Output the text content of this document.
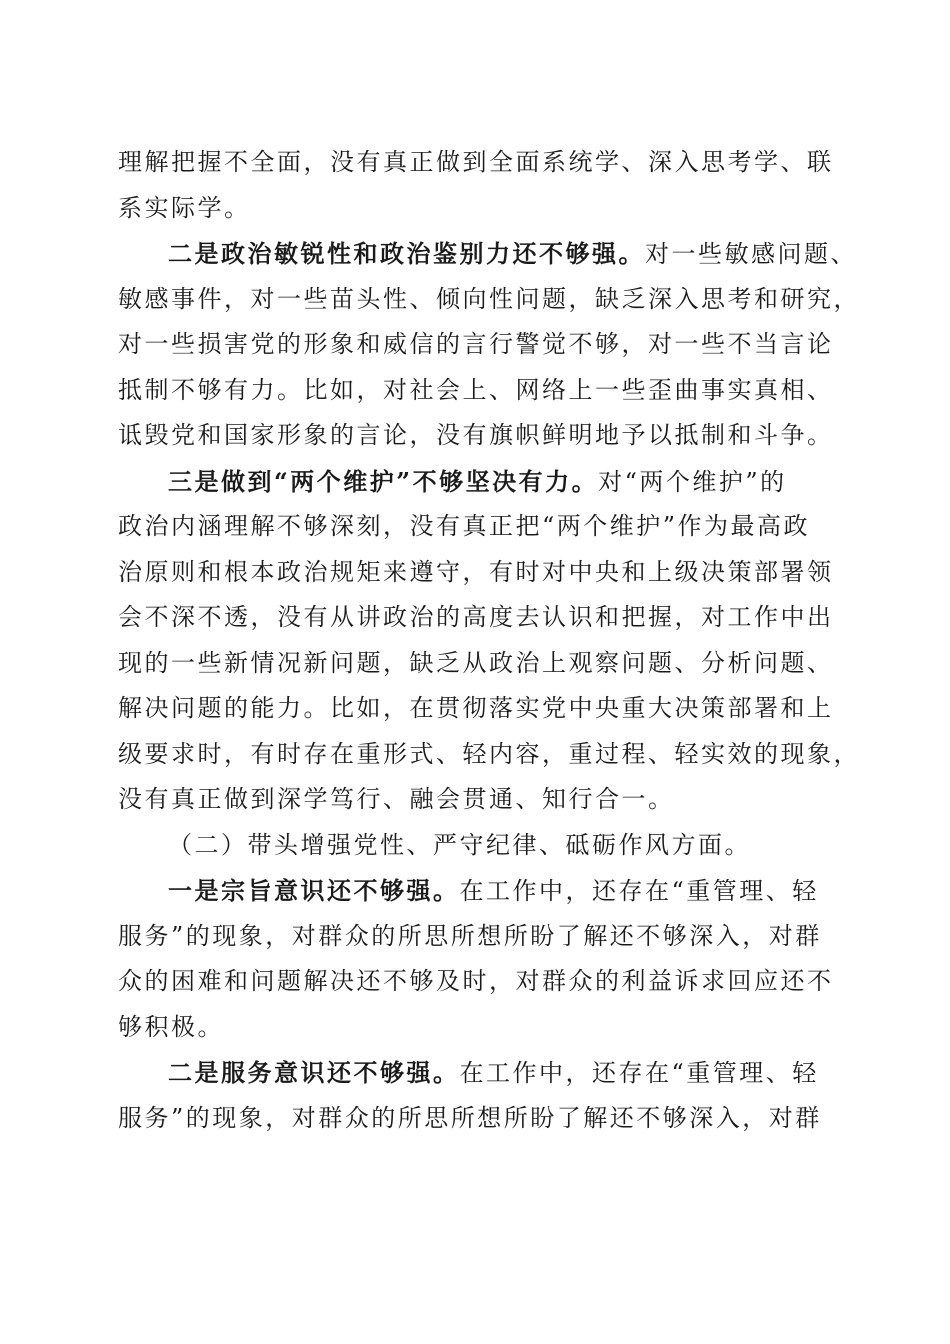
理解把握不全面，没有真正做到全面系统学、深入思考学、联
系实际学。
二是政治敏锐性和政治鉴别力还不够强。对一些敏感问题、
敏感事件，对一些苗头性、倾向性问题，缺乏深入思考和研究，
对一些损害党的形象和威信的言行警觉不够，对一些不当言论
抵制不够有力。比如，对社会上、网络上一些歪曲事实真相、
诋毁党和国家形象的言论，没有旗帜鲜明地予以抵制和斗争。
三是做到“两个维护”不够坚决有力。对“两个维护”的
政治内涵理解不够深刻，没有真正把“两个维护”作为最高政
治原则和根本政治规矩来遵守，有时对中央和上级决策部署领
会不深不透，没有从讲政治的高度去认识和把握，对工作中出
现的一些新情况新问题，缺乏从政治上观察问题、分析问题、
解决问题的能力。比如，在贯彻落实党中央重大决策部署和上
级要求时，有时存在重形式、轻内容，重过程、轻实效的现象，
没有真正做到深学笃行、融会贯通、知行合一。
（二）带头增强党性、严守纪律、砥砺作风方面。
一是宗旨意识还不够强。在工作中，还存在“重管理、轻
服务”的现象，对群众的所思所想所盼了解还不够深入，对群
众的困难和问题解决还不够及时，对群众的利益诉求回应还不
够积极。
二是服务意识还不够强。在工作中，还存在“重管理、轻
服务”的现象，对群众的所思所想所盼了解还不够深入，对群
